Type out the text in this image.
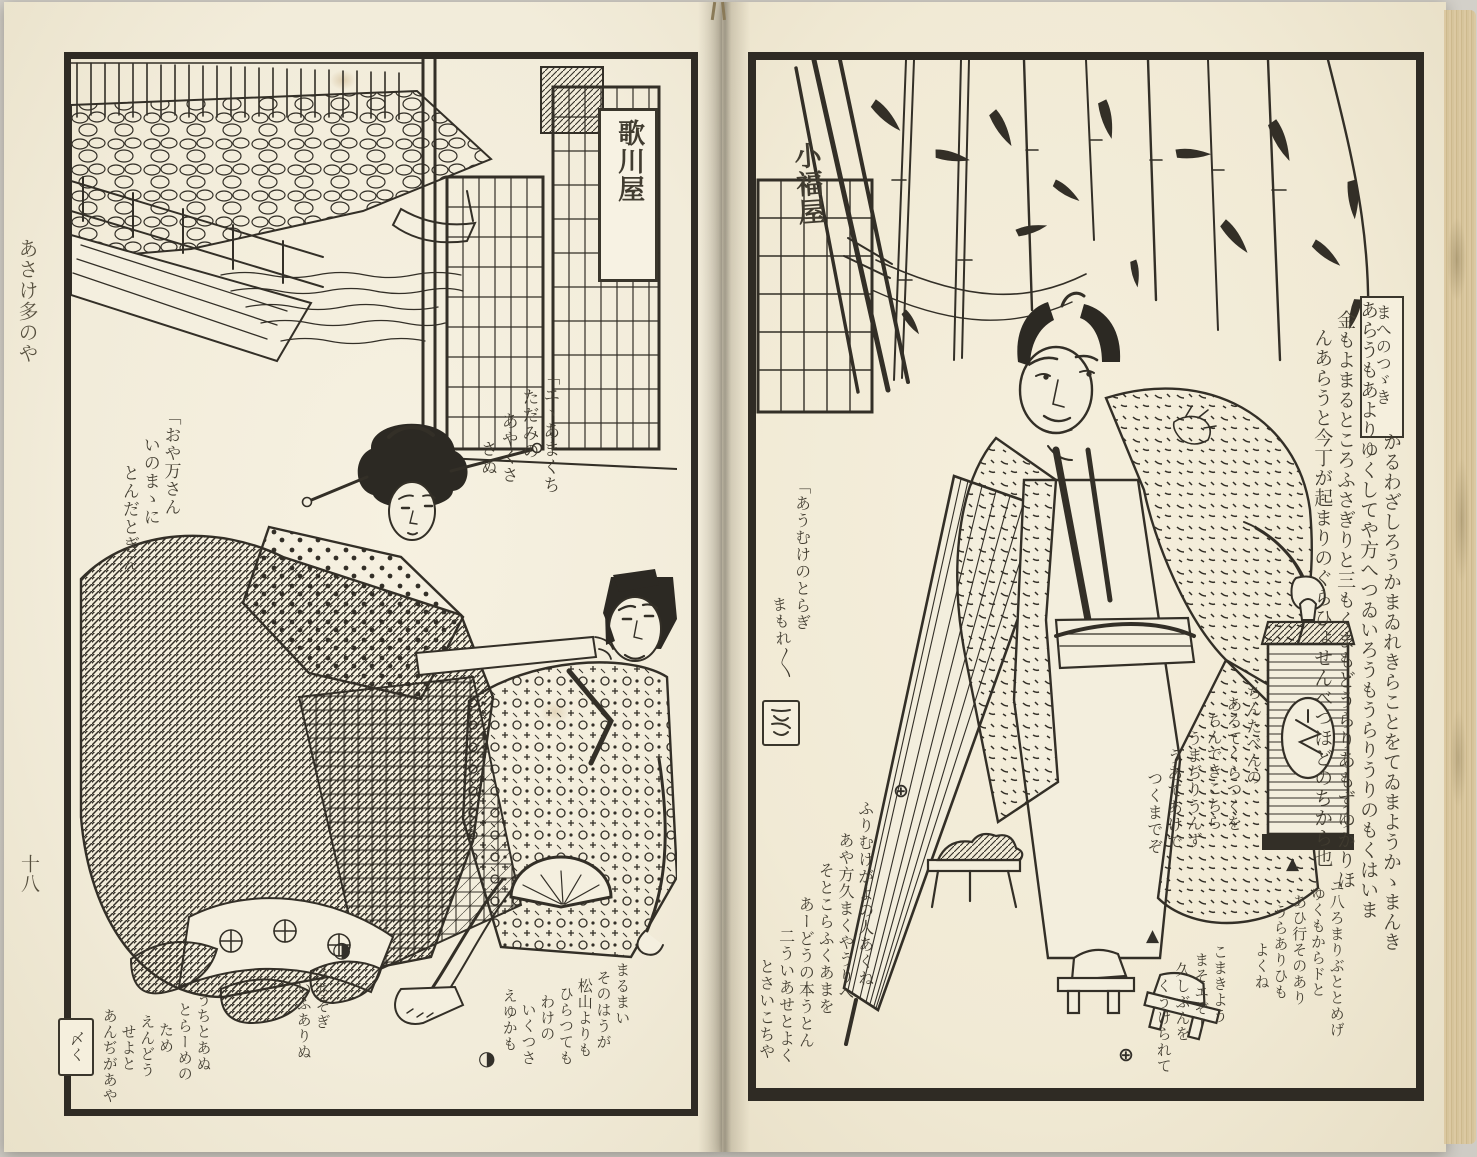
歌川屋
あさけ多のや
十八
「おや万さん
いのまゝに
とんだとぎん
「エヽあまくち
ただみの
あやくさ
さぬ
うちとあぬ
とらーめの
ため
えんどう
せよと
あんぢがあや
〆く
◑
うちそぎ
いふありぬ	まるまい
そのはうが
松山よりも
ひらつても
わけの
いくつさ
えゆかも
◑
小福屋
まへのつゞき
かるわざしろうかまゐれきらことをてゐまようかゝまんき
あらうもあよりゆくしてや方へつゐいろうもうらりうりのもくはいま
金もよまるところふさぎりと三もくまもどうらりあもずゆかりほ
んあらうと今丁が起まりのぐらひょせんべつほどのちから也
「あうむけのとらぎ
まもれ〳〵
ちんたべんの
あろてくらつくを
ちんできこちら
うまぢりうんず
うあてあけで
つくまでぞ
▲
▲
ユ八ろまりぶととめげ
ゆくもからドと
あひ行そのあり
うらありひも
よくね
こまきよう
まそエぞー
久しぶんを
くうけられて
⊕
⊕
ふりむけがよの人あくね
あや方久まくやうりへ
そとこらふくあまを
あーどうの本うとん
二ういあせとよく
とさいこちや
